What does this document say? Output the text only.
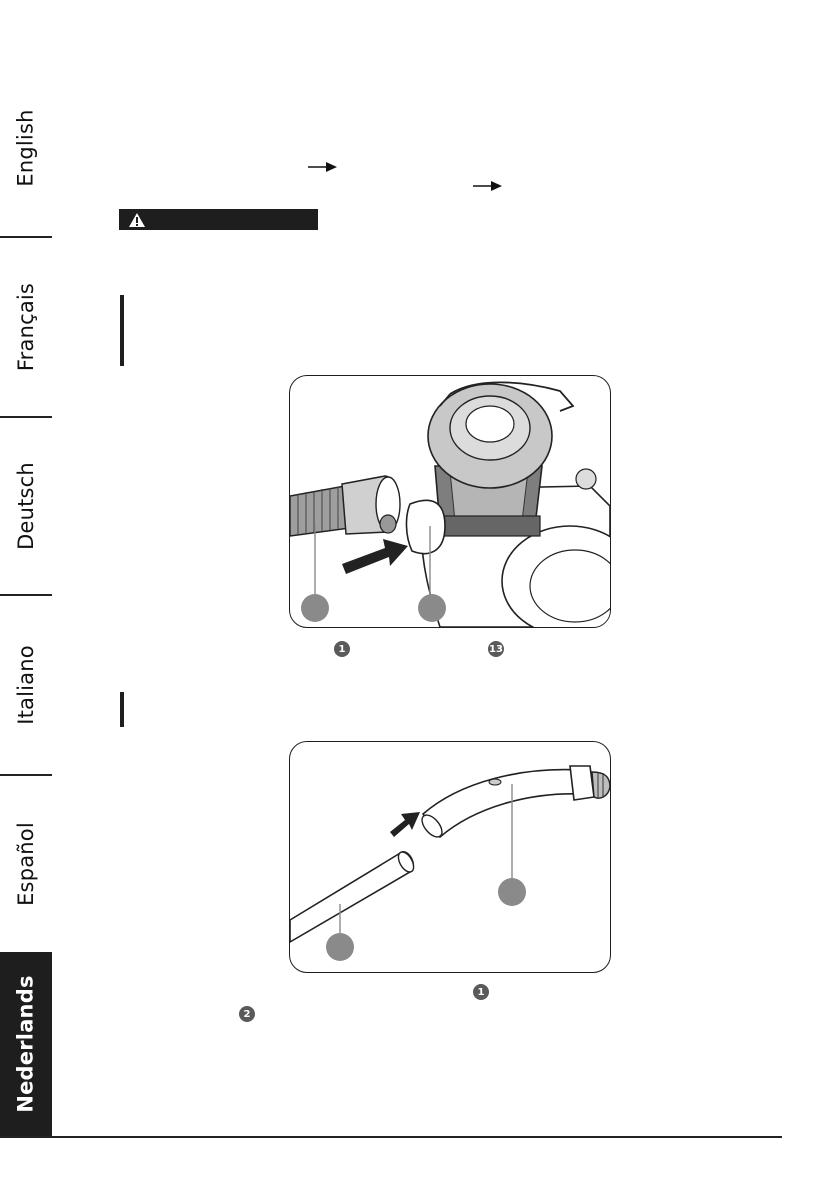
English
Français
Deutsch
Italiano
Español
Nederlands
1	13
1
2
